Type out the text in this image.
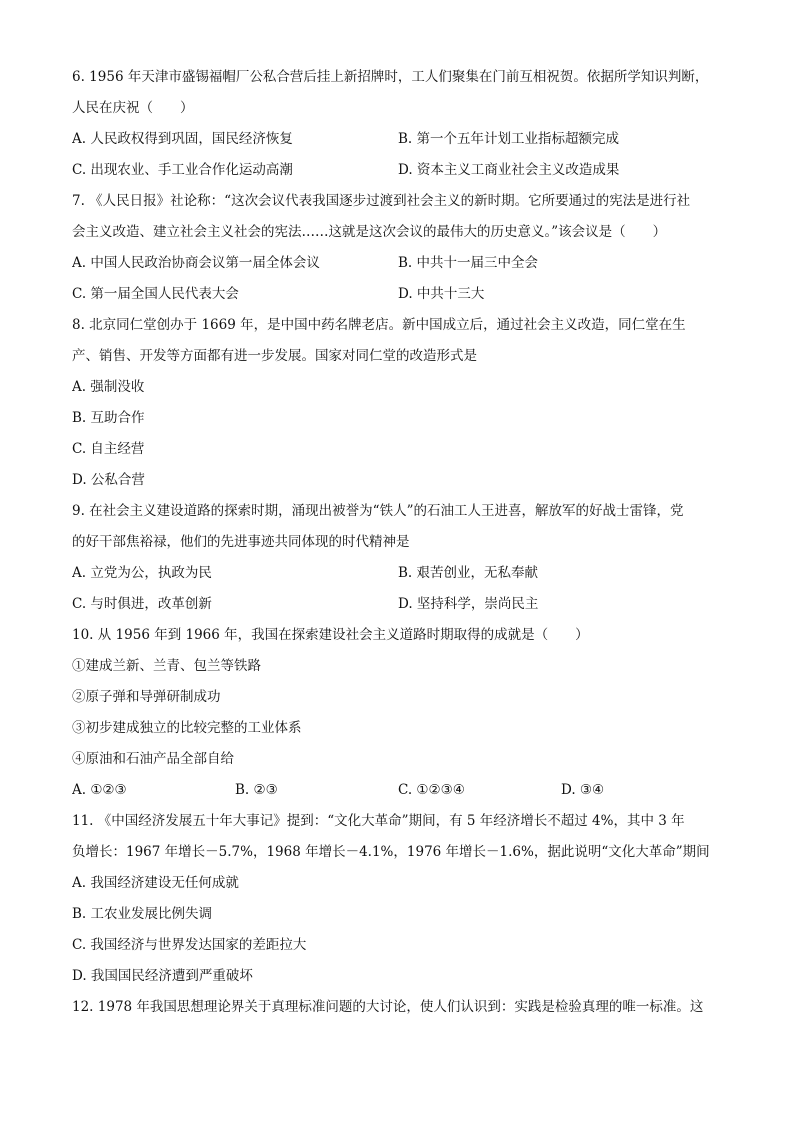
6. 1956 年天津市盛锡福帽厂公私合营后挂上新招牌时，工人们聚集在门前互相祝贺。依据所学知识判断，
人民在庆祝（　　）
A. 人民政权得到巩固，国民经济恢复	B. 第一个五年计划工业指标超额完成
C. 出现农业、手工业合作化运动高潮	D. 资本主义工商业社会主义改造成果
7. 《人民日报》社论称：“这次会议代表我国逐步过渡到社会主义的新时期。它所要通过的宪法是进行社
会主义改造、建立社会主义社会的宪法……这就是这次会议的最伟大的历史意义。”该会议是（　　）
A. 中国人民政治协商会议第一届全体会议	B. 中共十一届三中全会
C. 第一届全国人民代表大会	D. 中共十三大
8. 北京同仁堂创办于 1669 年，是中国中药名牌老店。新中国成立后，通过社会主义改造，同仁堂在生
产、销售、开发等方面都有进一步发展。国家对同仁堂的改造形式是
A. 强制没收
B. 互助合作
C. 自主经营
D. 公私合营
9. 在社会主义建设道路的探索时期，涌现出被誉为“铁人”的石油工人王进喜，解放军的好战士雷锋，党
的好干部焦裕禄，他们的先进事迹共同体现的时代精神是
A. 立党为公，执政为民	B. 艰苦创业，无私奉献
C. 与时俱进，改革创新	D. 坚持科学，崇尚民主
10. 从 1956 年到 1966 年，我国在探索建设社会主义道路时期取得的成就是（　　）
①建成兰新、兰青、包兰等铁路
②原子弹和导弹研制成功
③初步建成独立的比较完整的工业体系
④原油和石油产品全部自给
A. ①②③	B. ②③	C. ①②③④	D. ③④
11. 《中国经济发展五十年大事记》提到：“文化大革命”期间，有 5 年经济增长不超过 4%，其中 3 年
负增长：1967 年增长－5.7%，1968 年增长－4.1%，1976 年增长－1.6%，据此说明“文化大革命”期间
A. 我国经济建设无任何成就
B. 工农业发展比例失调
C. 我国经济与世界发达国家的差距拉大
D. 我国国民经济遭到严重破坏
12. 1978 年我国思想理论界关于真理标准问题的大讨论，使人们认识到：实践是检验真理的唯一标准。这
